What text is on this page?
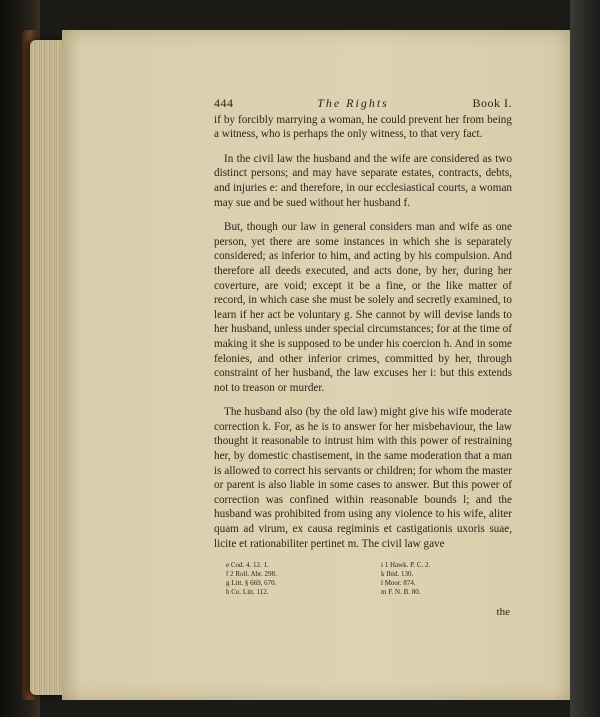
444	The Rights	Book I.

if by forcibly marrying a woman, he could prevent her from being a witness, who is perhaps the only witness, to that very fact.

In the civil law the husband and the wife are considered as two distinct persons; and may have separate estates, contracts, debts, and injuries e: and therefore, in our ecclesiastical courts, a woman may sue and be sued without her husband f.

But, though our law in general considers man and wife as one person, yet there are some instances in which she is separately considered; as inferior to him, and acting by his compulsion. And therefore all deeds executed, and acts done, by her, during her coverture, are void; except it be a fine, or the like matter of record, in which case she must be solely and secretly examined, to learn if her act be voluntary g. She cannot by will devise lands to her husband, unless under special circumstances; for at the time of making it she is supposed to be under his coercion h. And in some felonies, and other inferior crimes, committed by her, through constraint of her husband, the law excuses her i: but this extends not to treason or murder.

The husband also (by the old law) might give his wife moderate correction k. For, as he is to answer for her misbehaviour, the law thought it reasonable to intrust him with this power of restraining her, by domestic chastisement, in the same moderation that a man is allowed to correct his servants or children; for whom the master or parent is also liable in some cases to answer. But this power of correction was confined within reasonable bounds l; and the husband was prohibited from using any violence to his wife, aliter quam ad virum, ex causa regiminis et castigationis uxoris suae, licite et rationabiliter pertinet m. The civil law gave

e Cod. 4. 12. 1.
f 2 Roll. Abr. 298.
g Litt. § 669, 670.
h Co. Litt. 112.
i 1 Hawk. P. C. 2.
k Ibid. 130.
l Moor. 874.
m F. N. B. 80.
the
